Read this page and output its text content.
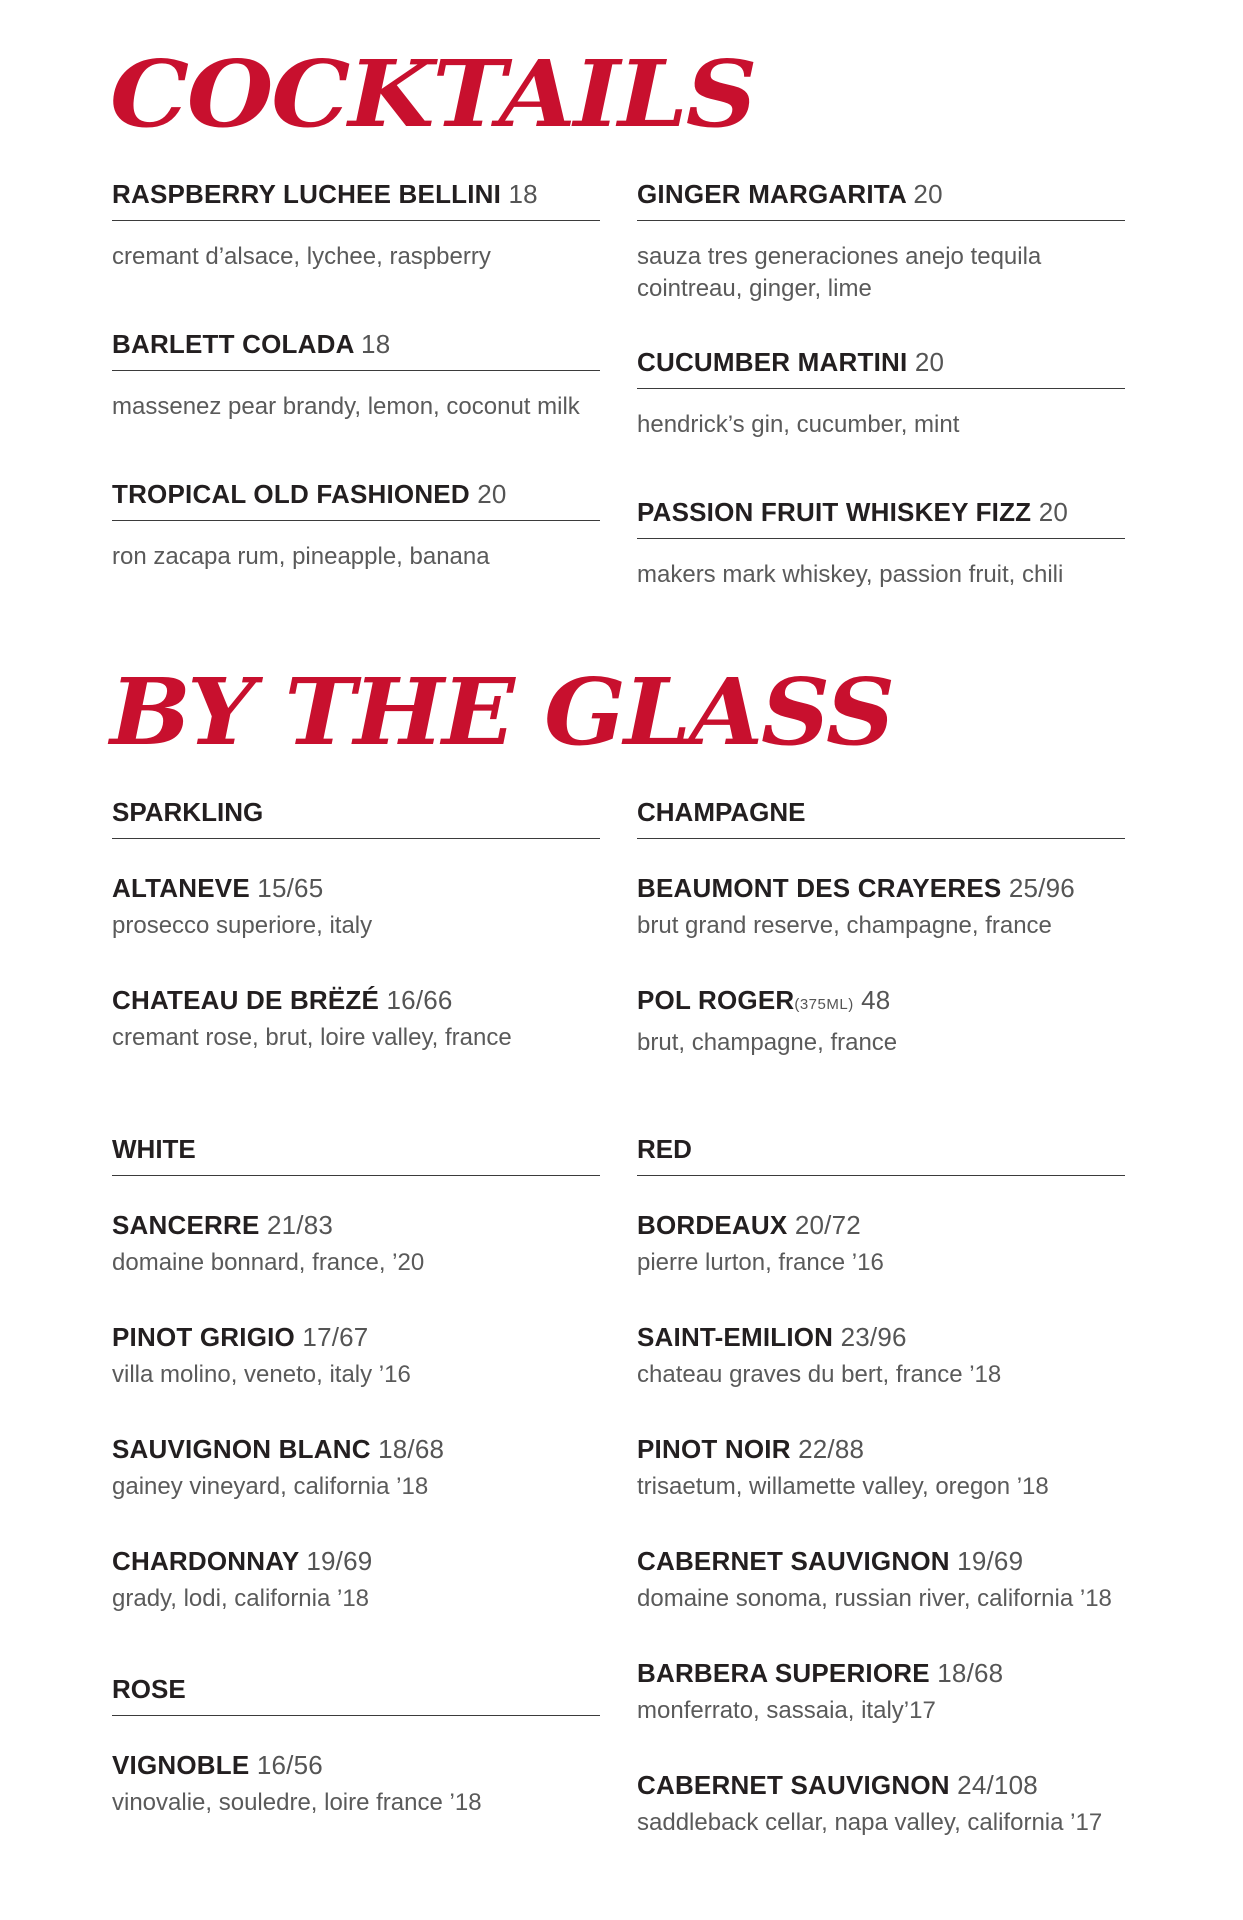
COCKTAILS
RASPBERRY LUCHEE BELLINI 18
cremant d’alsace, lychee, raspberry
BARLETT COLADA 18
massenez pear brandy, lemon, coconut milk
TROPICAL OLD FASHIONED 20
ron zacapa rum, pineapple, banana
GINGER MARGARITA 20
sauza tres generaciones anejo tequila
cointreau, ginger, lime
CUCUMBER MARTINI 20
hendrick’s gin, cucumber, mint
PASSION FRUIT WHISKEY FIZZ 20
makers mark whiskey, passion fruit, chili
BY THE GLASS
SPARKLING
ALTANEVE 15/65
prosecco superiore, italy
CHATEAU DE BRËZÉ 16/66
cremant rose, brut, loire valley, france
CHAMPAGNE
BEAUMONT DES CRAYERES 25/96
brut grand reserve, champagne, france
POL ROGER(375ML) 48
brut, champagne, france
WHITE
SANCERRE 21/83
domaine bonnard, france, ’20
PINOT GRIGIO 17/67
villa molino, veneto, italy ’16
SAUVIGNON BLANC 18/68
gainey vineyard, california ’18
CHARDONNAY 19/69
grady, lodi, california ’18
ROSE
VIGNOBLE 16/56
vinovalie, souledre, loire france ’18
RED
BORDEAUX 20/72
pierre lurton, france ’16
SAINT-EMILION 23/96
chateau graves du bert, france ’18
PINOT NOIR 22/88
trisaetum, willamette valley, oregon ’18
CABERNET SAUVIGNON 19/69
domaine sonoma, russian river, california ’18
BARBERA SUPERIORE 18/68
monferrato, sassaia, italy’17
CABERNET SAUVIGNON 24/108
saddleback cellar, napa valley, california ’17
